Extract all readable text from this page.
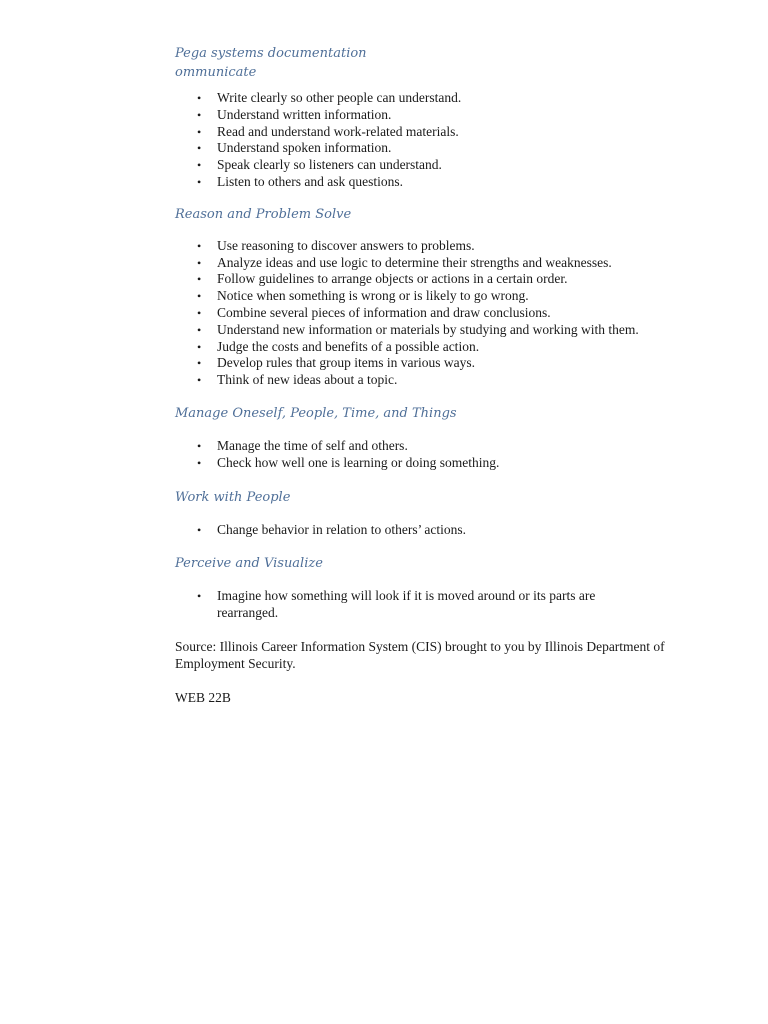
Pega systems documentation

ommunicate

• Write clearly so other people can understand.
• Understand written information.
• Read and understand work-related materials.
• Understand spoken information.
• Speak clearly so listeners can understand.
• Listen to others and ask questions.

Reason and Problem Solve

• Use reasoning to discover answers to problems.
• Analyze ideas and use logic to determine their strengths and weaknesses.
• Follow guidelines to arrange objects or actions in a certain order.
• Notice when something is wrong or is likely to go wrong.
• Combine several pieces of information and draw conclusions.
• Understand new information or materials by studying and working with them.
• Judge the costs and benefits of a possible action.
• Develop rules that group items in various ways.
• Think of new ideas about a topic.

Manage Oneself, People, Time, and Things

• Manage the time of self and others.
• Check how well one is learning or doing something.

Work with People

• Change behavior in relation to others’ actions.

Perceive and Visualize

• Imagine how something will look if it is moved around or its parts are rearranged.

Source: Illinois Career Information System (CIS) brought to you by Illinois Department of Employment Security.

WEB 22B
